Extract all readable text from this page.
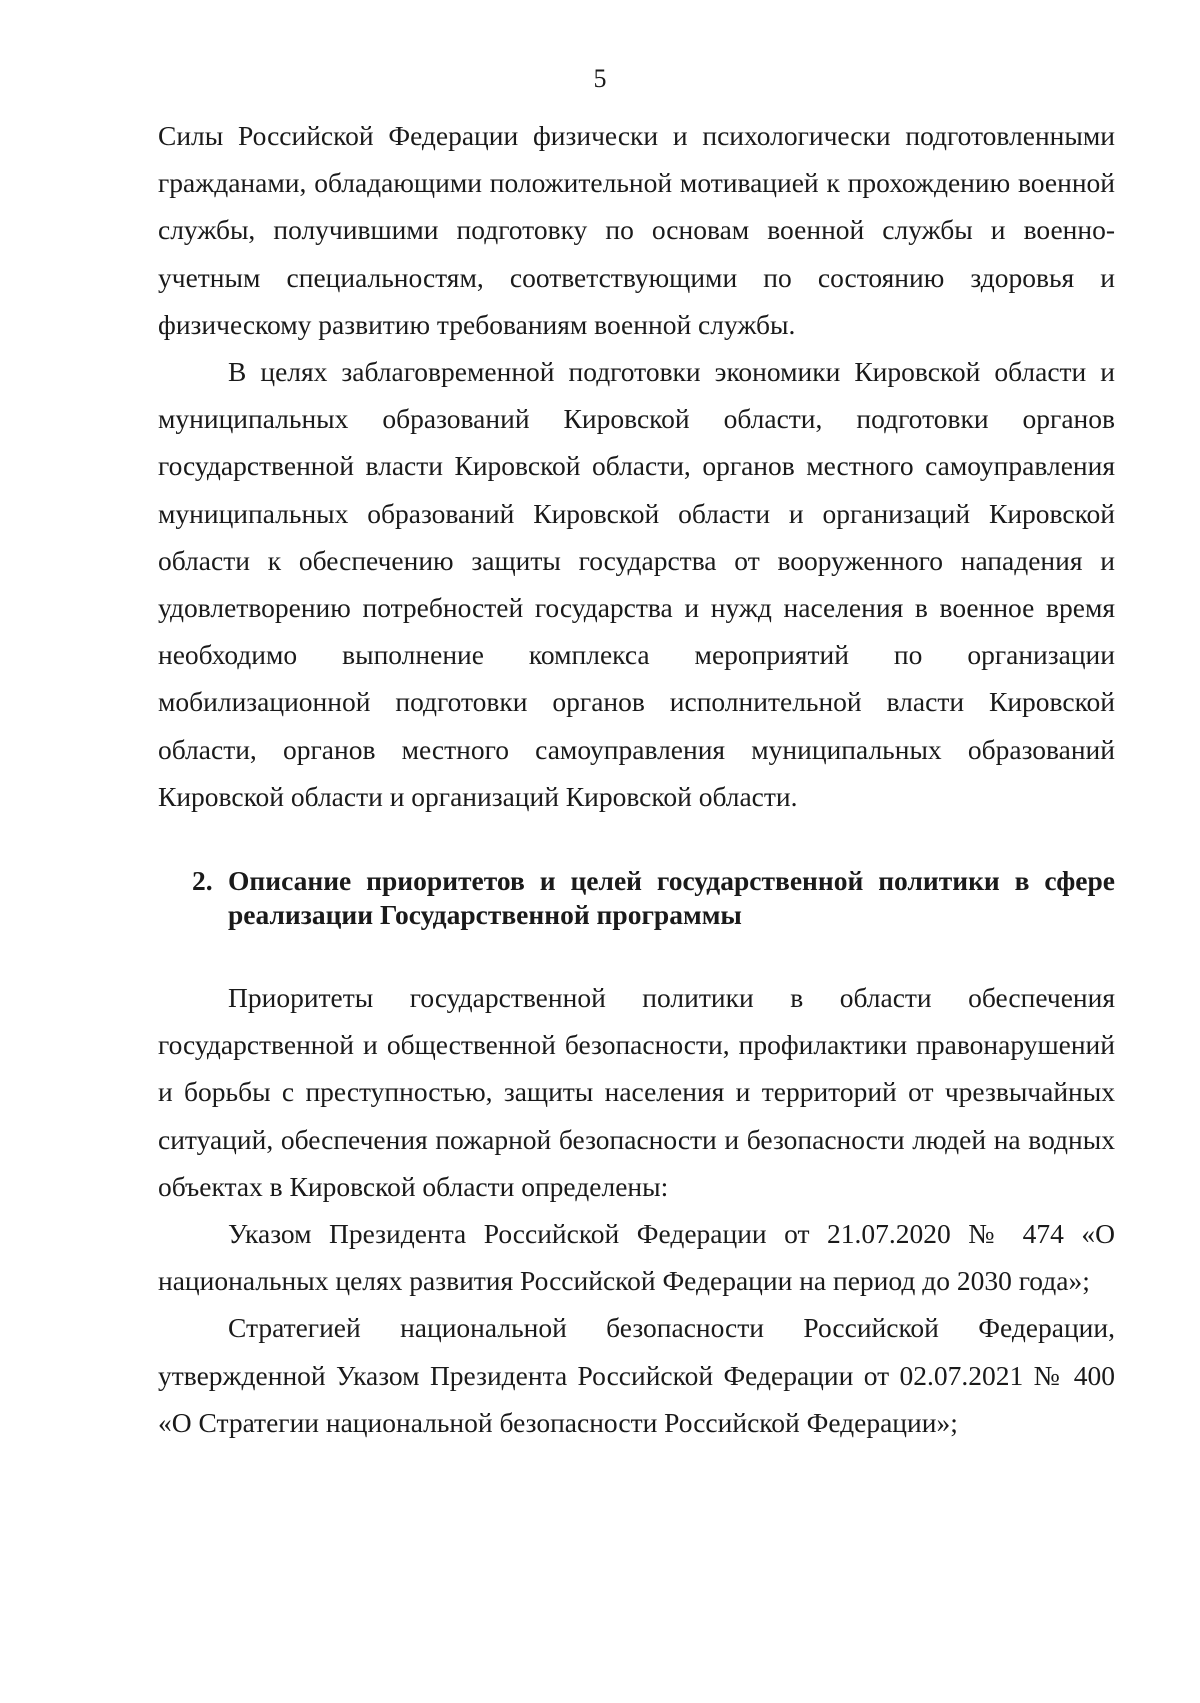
5

Силы Российской Федерации физически и психологически подготовленными гражданами, обладающими положительной мотивацией к прохождению военной службы, получившими подготовку по основам военной службы и военно-учетным специальностям, соответствующими по состоянию здоровья и физическому развитию требованиям военной службы.

В целях заблаговременной подготовки экономики Кировской области и муниципальных образований Кировской области, подготовки органов государственной власти Кировской области, органов местного самоуправления муниципальных образований Кировской области и организаций Кировской области к обеспечению защиты государства от вооруженного нападения и удовлетворению потребностей государства и нужд населения в военное время необходимо выполнение комплекса мероприятий по организации мобилизационной подготовки органов исполнительной власти Кировской области, органов местного самоуправления муниципальных образований Кировской области и организаций Кировской области.

2. Описание приоритетов и целей государственной политики в сфере реализации Государственной программы

Приоритеты государственной политики в области обеспечения государственной и общественной безопасности, профилактики правонарушений и борьбы с преступностью, защиты населения и территорий от чрезвычайных ситуаций, обеспечения пожарной безопасности и безопасности людей на водных объектах в Кировской области определены:

Указом Президента Российской Федерации от 21.07.2020 № 474 «О национальных целях развития Российской Федерации на период до 2030 года»;

Стратегией национальной безопасности Российской Федерации, утвержденной Указом Президента Российской Федерации от 02.07.2021 № 400 «О Стратегии национальной безопасности Российской Федерации»;
